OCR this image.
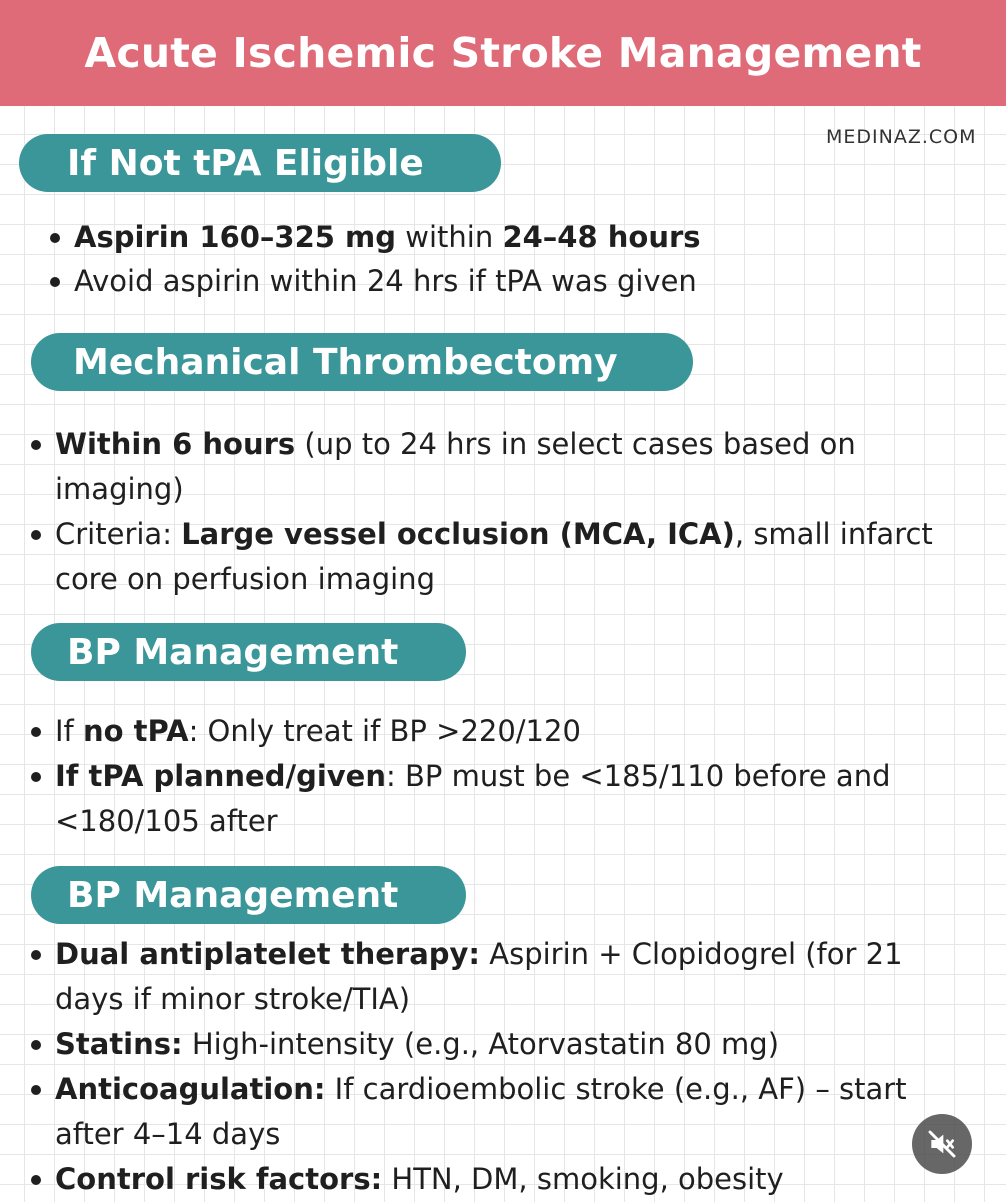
Acute Ischemic Stroke Management
MEDINAZ.COM
If Not tPA Eligible
Aspirin 160–325 mg within 24–48 hours
Avoid aspirin within 24 hrs if tPA was given
Mechanical Thrombectomy
Within 6 hours (up to 24 hrs in select cases based on imaging)
Criteria: Large vessel occlusion (MCA, ICA), small infarct core on perfusion imaging
BP Management
If no tPA: Only treat if BP >220/120
If tPA planned/given: BP must be <185/110 before and <180/105 after
BP Management
Dual antiplatelet therapy: Aspirin + Clopidogrel (for 21 days if minor stroke/TIA)
Statins: High-intensity (e.g., Atorvastatin 80 mg)
Anticoagulation: If cardioembolic stroke (e.g., AF) – start after 4–14 days
Control risk factors: HTN, DM, smoking, obesity
